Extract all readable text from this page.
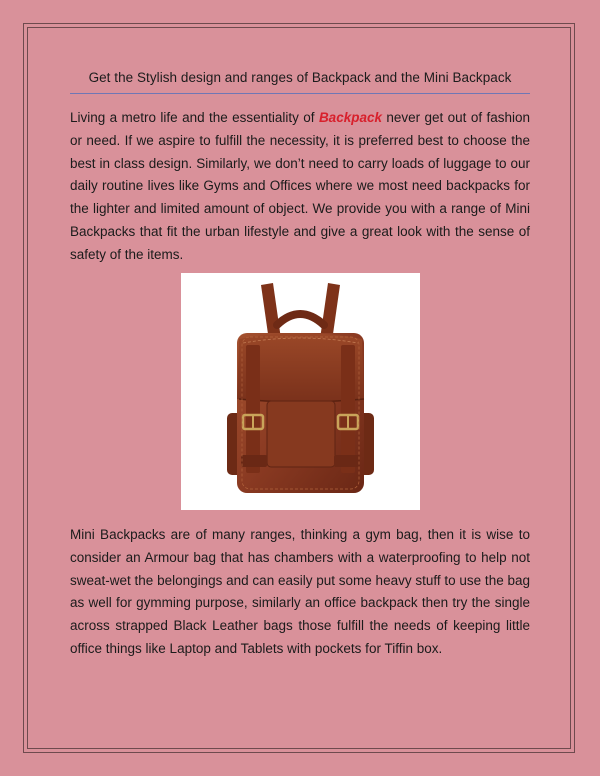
Get the Stylish design and ranges of Backpack and the Mini Backpack

Living a metro life and the essentiality of Backpack never get out of fashion or need. If we aspire to fulfill the necessity, it is preferred best to choose the best in class design. Similarly, we don’t need to carry loads of luggage to our daily routine lives like Gyms and Offices where we most need backpacks for the lighter and limited amount of object. We provide you with a range of Mini Backpacks that fit the urban lifestyle and give a great look with the sense of safety of the items.

Mini Backpacks are of many ranges, thinking a gym bag, then it is wise to consider an Armour bag that has chambers with a waterproofing to help not sweat-wet the belongings and can easily put some heavy stuff to use the bag as well for gymming purpose, similarly an office backpack then try the single across strapped Black Leather bags those fulfill the needs of keeping little office things like Laptop and Tablets with pockets for Tiffin box.
